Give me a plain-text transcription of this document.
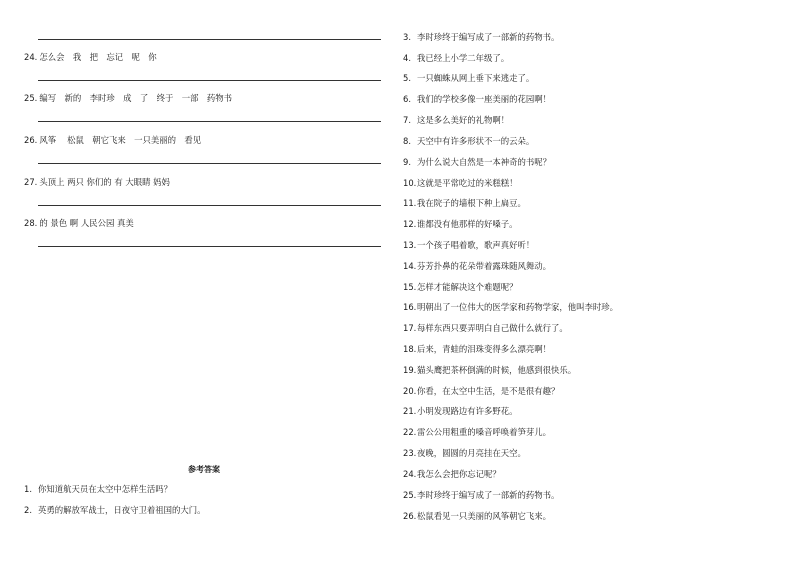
24. 怎么会　我　把　忘记　呢　你
25. 编写　新的　李时珍　成　了　终于　一部　药物书
26. 风筝　 松鼠　朝它飞来　一只美丽的　看见
27. 头顶上 两只 你们的 有 大眼睛 妈妈
28. 的 景色 啊 人民公园 真美
参考答案
1. 你知道航天员在太空中怎样生活吗？
2. 英勇的解放军战士，日夜守卫着祖国的大门。
3. 李时珍终于编写成了一部新的药物书。
4. 我已经上小学二年级了。
5. 一只蜘蛛从网上垂下来逃走了。
6. 我们的学校多像一座美丽的花园啊！
7. 这是多么美好的礼物啊！
8. 天空中有许多形状不一的云朵。
9. 为什么说大自然是一本神奇的书呢？
10.这就是平常吃过的米糕糕！
11.我在院子的墙根下种上扁豆。
12.谁都没有他那样的好嗓子。
13.一个孩子唱着歌，歌声真好听！
14.芬芳扑鼻的花朵带着露珠随风舞动。
15.怎样才能解决这个难题呢？
16.明朝出了一位伟大的医学家和药物学家，他叫李时珍。
17.每样东西只要弄明白自己做什么就行了。
18.后来，青蛙的泪珠变得多么漂亮啊！
19.猫头鹰把茶杯倒满的时候，他感到很快乐。
20.你看，在太空中生活，是不是很有趣？
21.小明发现路边有许多野花。
22.雷公公用粗重的嗓音呼唤着笋芽儿。
23.夜晚，圆圆的月亮挂在天空。
24.我怎么会把你忘记呢？
25.李时珍终于编写成了一部新的药物书。
26.松鼠看见一只美丽的风筝朝它飞来。
